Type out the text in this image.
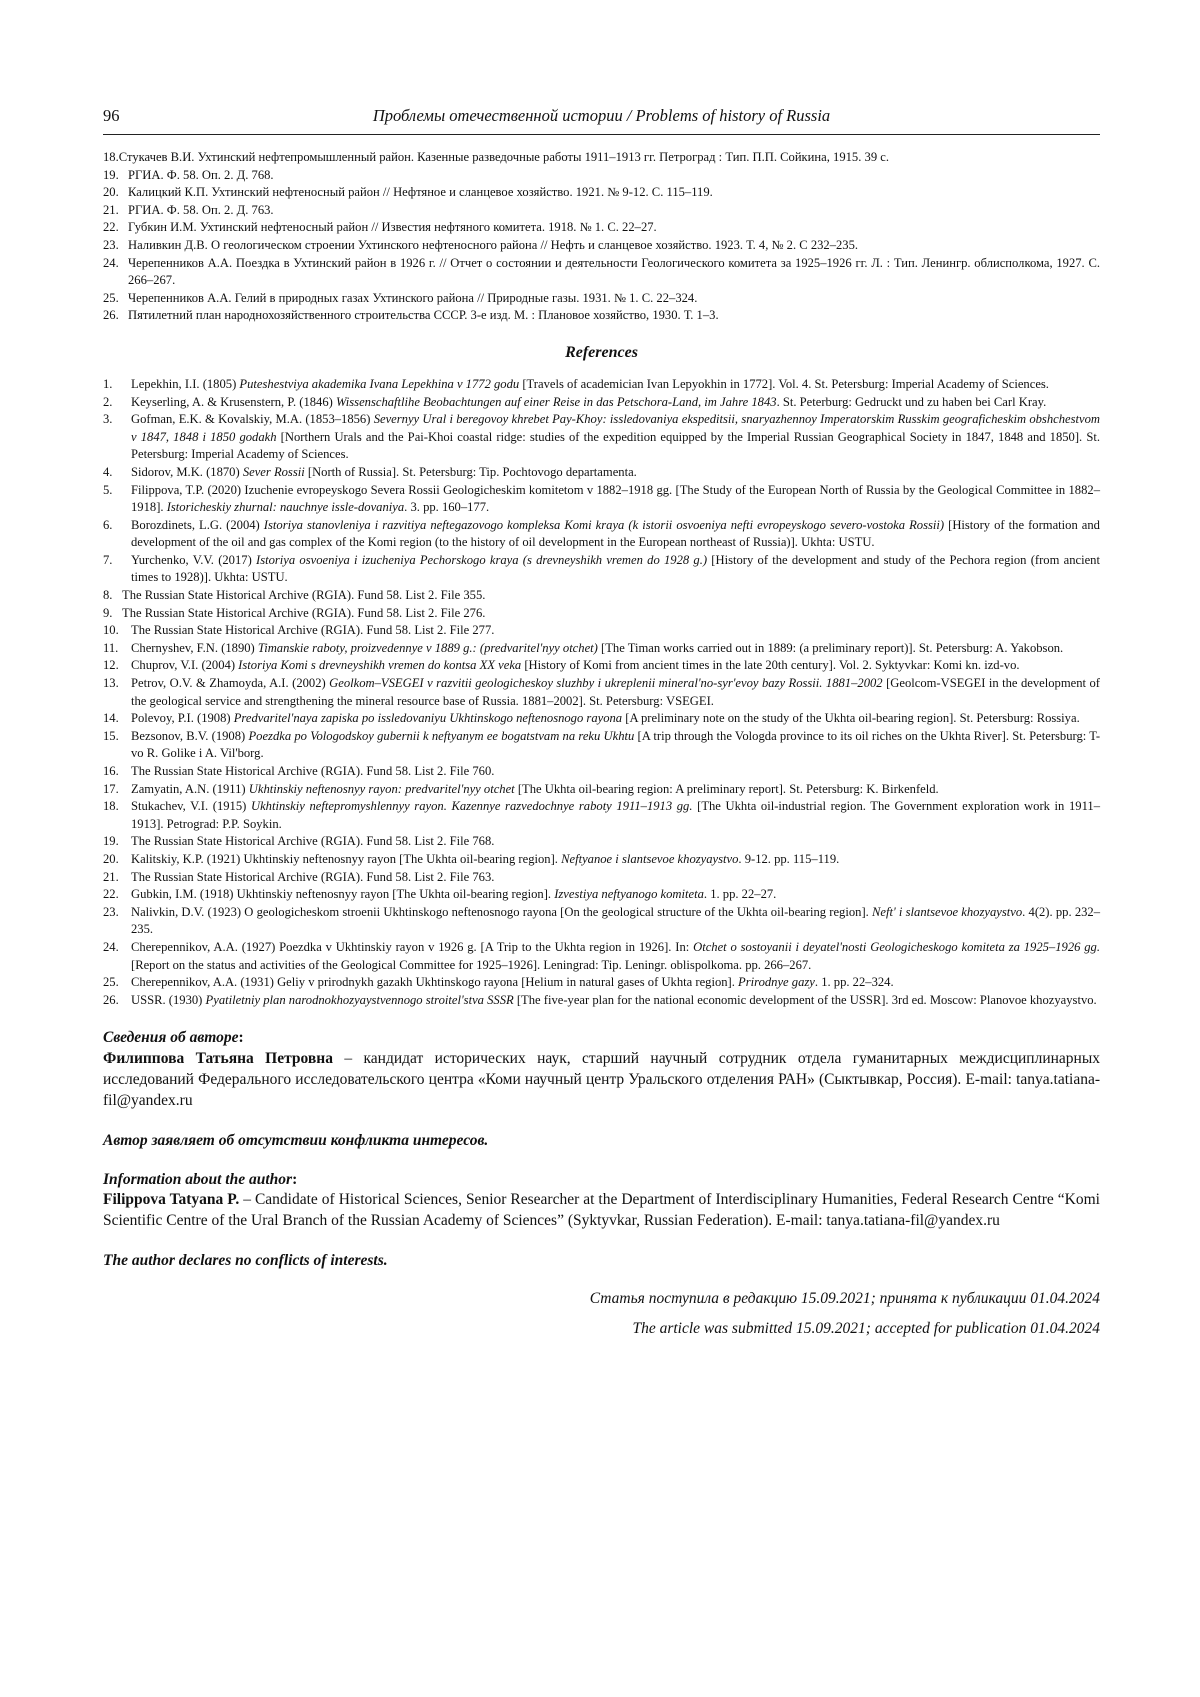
96	Проблемы отечественной истории / Problems of history of Russia
18.Стукачев В.И. Ухтинский нефтепромышленный район. Казенные разведочные работы 1911–1913 гг. Петроград : Тип. П.П. Сойкина, 1915. 39 с.
19. РГИА. Ф. 58. Оп. 2. Д. 768.
20. Калицкий К.П. Ухтинский нефтеносный район // Нефтяное и сланцевое хозяйство. 1921. № 9-12. С. 115–119.
21. РГИА. Ф. 58. Оп. 2. Д. 763.
22. Губкин И.М. Ухтинский нефтеносный район // Известия нефтяного комитета. 1918. № 1. С. 22–27.
23. Наливкин Д.В. О геологическом строении Ухтинского нефтеносного района // Нефть и сланцевое хозяйство. 1923. Т. 4, № 2. С 232–235.
24. Черепенников А.А. Поездка в Ухтинский район в 1926 г. // Отчет о состоянии и деятельности Геологического комитета за 1925–1926 гг. Л. : Тип. Ленингр. облисполкома, 1927. С. 266–267.
25. Черепенников А.А. Гелий в природных газах Ухтинского района // Природные газы. 1931. № 1. С. 22–324.
26. Пятилетний план народнохозяйственного строительства СССР. 3-е изд. М. : Плановое хозяйство, 1930. Т. 1–3.
References
1. Lepekhin, I.I. (1805) Puteshestviya akademika Ivana Lepekhina v 1772 godu [Travels of academician Ivan Lepyokhin in 1772]. Vol. 4. St. Petersburg: Imperial Academy of Sciences.
2. Keyserling, A. & Krusenstern, P. (1846) Wissenschaftlihe Beobachtungen auf einer Reise in das Petschora-Land, im Jahre 1843. St. Peterburg: Gedruckt und zu haben bei Carl Kray.
3. Gofman, E.K. & Kovalskiy, M.A. (1853–1856) Severnyy Ural i beregovoy khrebet Pay-Khoy: issledovaniya ekspeditsii, snaryazhennoy Imperatorskim Russkim geograficheskim obshchestvom v 1847, 1848 i 1850 godakh [Northern Urals and the Pai-Khoi coastal ridge: studies of the expedition equipped by the Imperial Russian Geographical Society in 1847, 1848 and 1850]. St. Petersburg: Imperial Academy of Sciences.
4. Sidorov, M.K. (1870) Sever Rossii [North of Russia]. St. Petersburg: Tip. Pochtovogo departamenta.
5. Filippova, T.P. (2020) Izuchenie evropeyskogo Severa Rossii Geologicheskim komitetom v 1882–1918 gg. [The Study of the European North of Russia by the Geological Committee in 1882–1918]. Istoricheskiy zhurnal: nauchnye issle-dovaniya. 3. pp. 160–177.
6. Borozdinets, L.G. (2004) Istoriya stanovleniya i razvitiya neftegazovogo kompleksa Komi kraya (k istorii osvoeniya nefti evropeyskogo severo-vostoka Rossii) [History of the formation and development of the oil and gas complex of the Komi region (to the history of oil development in the European northeast of Russia)]. Ukhta: USTU.
7. Yurchenko, V.V. (2017) Istoriya osvoeniya i izucheniya Pechorskogo kraya (s drevneyshikh vremen do 1928 g.) [History of the development and study of the Pechora region (from ancient times to 1928)]. Ukhta: USTU.
8. The Russian State Historical Archive (RGIA). Fund 58. List 2. File 355.
9. The Russian State Historical Archive (RGIA). Fund 58. List 2. File 276.
10. The Russian State Historical Archive (RGIA). Fund 58. List 2. File 277.
11. Chernyshev, F.N. (1890) Timanskie raboty, proizvedennye v 1889 g.: (predvaritel'nyy otchet) [The Timan works carried out in 1889: (a preliminary report)]. St. Petersburg: A. Yakobson.
12. Chuprov, V.I. (2004) Istoriya Komi s drevneyshikh vremen do kontsa XX veka [History of Komi from ancient times in the late 20th century]. Vol. 2. Syktyvkar: Komi kn. izd-vo.
13. Petrov, O.V. & Zhamoyda, A.I. (2002) Geolkom–VSEGEI v razvitii geologicheskoy sluzhby i ukreplenii mineral'no-syr'evoy bazy Rossii. 1881–2002 [Geolcom-VSEGEI in the development of the geological service and strengthening the mineral resource base of Russia. 1881–2002]. St. Petersburg: VSEGEI.
14. Polevoy, P.I. (1908) Predvaritel'naya zapiska po issledovaniyu Ukhtinskogo neftenosnogo rayona [A preliminary note on the study of the Ukhta oil-bearing region]. St. Petersburg: Rossiya.
15. Bezsonov, B.V. (1908) Poezdka po Vologodskoy gubernii k neftyanym ee bogatstvam na reku Ukhtu [A trip through the Vologda province to its oil riches on the Ukhta River]. St. Petersburg: T-vo R. Golike i A. Vil'borg.
16. The Russian State Historical Archive (RGIA). Fund 58. List 2. File 760.
17. Zamyatin, A.N. (1911) Ukhtinskiy neftenosnyy rayon: predvaritel'nyy otchet [The Ukhta oil-bearing region: A preliminary report]. St. Petersburg: K. Birkenfeld.
18. Stukachev, V.I. (1915) Ukhtinskiy neftepromyshlennyy rayon. Kazennye razvedochnye raboty 1911–1913 gg. [The Ukhta oil-industrial region. The Government exploration work in 1911–1913]. Petrograd: P.P. Soykin.
19. The Russian State Historical Archive (RGIA). Fund 58. List 2. File 768.
20. Kalitskiy, K.P. (1921) Ukhtinskiy neftenosnyy rayon [The Ukhta oil-bearing region]. Neftyanoe i slantsevoe khozyaystvo. 9-12. pp. 115–119.
21. The Russian State Historical Archive (RGIA). Fund 58. List 2. File 763.
22. Gubkin, I.M. (1918) Ukhtinskiy neftenosnyy rayon [The Ukhta oil-bearing region]. Izvestiya neftyanogo komiteta. 1. pp. 22–27.
23. Nalivkin, D.V. (1923) O geologicheskom stroenii Ukhtinskogo neftenosnogo rayona [On the geological structure of the Ukhta oil-bearing region]. Neft' i slantsevoe khozyaystvo. 4(2). pp. 232–235.
24. Cherepennikov, A.A. (1927) Poezdka v Ukhtinskiy rayon v 1926 g. [A Trip to the Ukhta region in 1926]. In: Otchet o sostoyanii i deyatel'nosti Geologicheskogo komiteta za 1925–1926 gg. [Report on the status and activities of the Geological Committee for 1925–1926]. Leningrad: Tip. Leningr. oblispolkoma. pp. 266–267.
25. Cherepennikov, A.A. (1931) Geliy v prirodnykh gazakh Ukhtinskogo rayona [Helium in natural gases of Ukhta region]. Prirodnye gazy. 1. pp. 22–324.
26. USSR. (1930) Pyatiletniy plan narodnokhozyaystvennogo stroitel'stva SSSR [The five-year plan for the national economic development of the USSR]. 3rd ed. Moscow: Planovoe khozyaystvo.
Сведения об авторе:
Филиппова Татьяна Петровна – кандидат исторических наук, старший научный сотрудник отдела гуманитарных междисциплинарных исследований Федерального исследовательского центра «Коми научный центр Уральского отделения РАН» (Сыктывкар, Россия). E-mail: tanya.tatiana-fil@yandex.ru
Автор заявляет об отсутствии конфликта интересов.
Information about the author:
Filippova Tatyana P. – Candidate of Historical Sciences, Senior Researcher at the Department of Interdisciplinary Humanities, Federal Research Centre “Komi Scientific Centre of the Ural Branch of the Russian Academy of Sciences” (Syktyvkar, Russian Federation). E-mail: tanya.tatiana-fil@yandex.ru
The author declares no conflicts of interests.
Статья поступила в редакцию 15.09.2021; принята к публикации 01.04.2024
The article was submitted 15.09.2021; accepted for publication 01.04.2024
